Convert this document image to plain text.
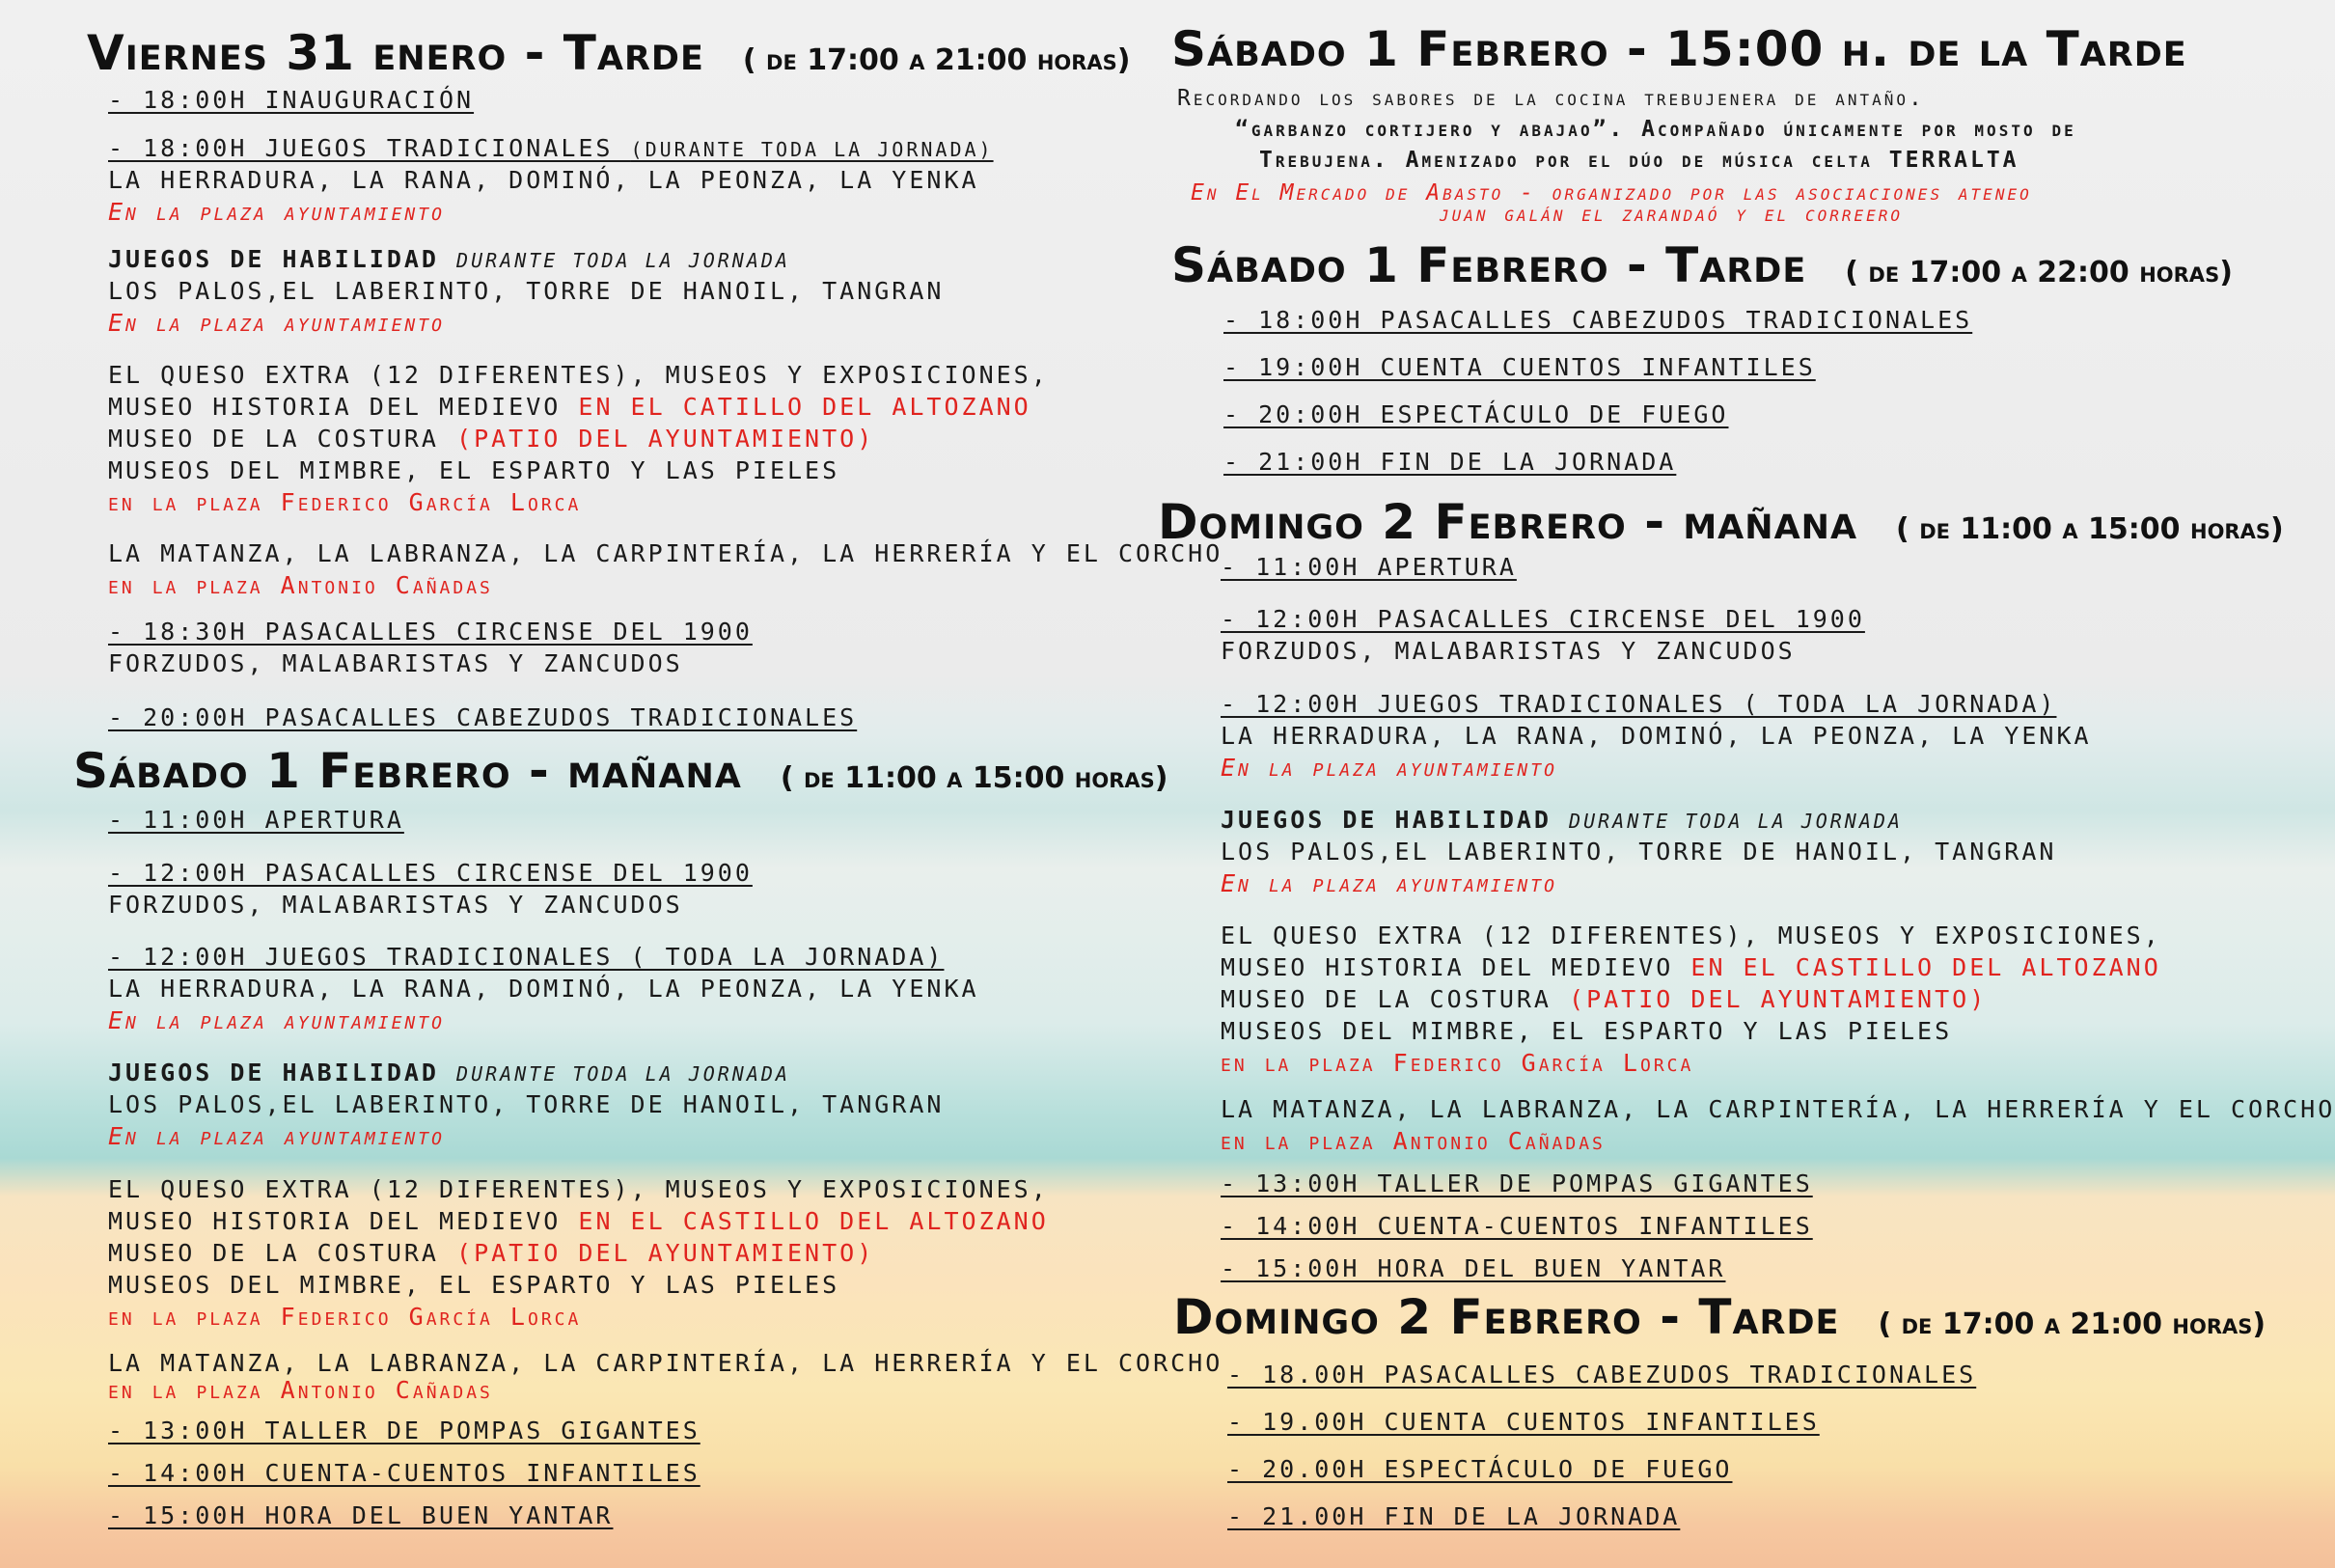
Viernes 31 enero - Tarde ( de 17:00 a 21:00 horas)
- 18:00H INAUGURACIÓN
- 18:00H JUEGOS TRADICIONALES (DURANTE TODA LA JORNADA)
LA HERRADURA, LA RANA, DOMINÓ, LA PEONZA, LA YENKA
En la plaza ayuntamiento
JUEGOS DE HABILIDAD DURANTE TODA LA JORNADA
LOS PALOS,EL LABERINTO, TORRE DE HANOIL, TANGRAN
En la plaza ayuntamiento
EL QUESO EXTRA (12 DIFERENTES), MUSEOS Y EXPOSICIONES,
MUSEO HISTORIA DEL MEDIEVO EN EL CATILLO DEL ALTOZANO
MUSEO DE LA COSTURA (PATIO DEL AYUNTAMIENTO)
MUSEOS DEL MIMBRE, EL ESPARTO Y LAS PIELES
en la plaza Federico García Lorca
LA MATANZA, LA LABRANZA, LA CARPINTERÍA, LA HERRERÍA Y EL CORCHO
en la plaza Antonio Cañadas
- 18:30H PASACALLES CIRCENSE DEL 1900
FORZUDOS, MALABARISTAS Y ZANCUDOS
- 20:00H PASACALLES CABEZUDOS TRADICIONALES
Sábado 1 Febrero - mañana ( de 11:00 a 15:00 horas)
- 11:00H APERTURA
- 12:00H PASACALLES CIRCENSE DEL 1900
FORZUDOS, MALABARISTAS Y ZANCUDOS
- 12:00H JUEGOS TRADICIONALES ( TODA LA JORNADA)
LA HERRADURA, LA RANA, DOMINÓ, LA PEONZA, LA YENKA
En la plaza ayuntamiento
JUEGOS DE HABILIDAD DURANTE TODA LA JORNADA
LOS PALOS,EL LABERINTO, TORRE DE HANOIL, TANGRAN
En la plaza ayuntamiento
EL QUESO EXTRA (12 DIFERENTES), MUSEOS Y EXPOSICIONES,
MUSEO HISTORIA DEL MEDIEVO EN EL CASTILLO DEL ALTOZANO
MUSEO DE LA COSTURA (PATIO DEL AYUNTAMIENTO)
MUSEOS DEL MIMBRE, EL ESPARTO Y LAS PIELES
en la plaza Federico García Lorca
LA MATANZA, LA LABRANZA, LA CARPINTERÍA, LA HERRERÍA Y EL CORCHO
en la plaza Antonio Cañadas
- 13:00H TALLER DE POMPAS GIGANTES
- 14:00H CUENTA-CUENTOS INFANTILES
- 15:00H HORA DEL BUEN YANTAR
Sábado 1 Febrero - 15:00 h. de la Tarde
Recordando los sabores de la cocina trebujenera de antaño.
“garbanzo cortijero y abajao”. Acompañado únicamente por mosto de
Trebujena. Amenizado por el dúo de música celta TERRALTA
En El Mercado de Abasto - organizado por las asociaciones ateneo
juan galán el zarandaó y el correero
Sábado 1 Febrero - Tarde ( de 17:00 a 22:00 horas)
- 18:00H PASACALLES CABEZUDOS TRADICIONALES
- 19:00H CUENTA CUENTOS INFANTILES
- 20:00H ESPECTÁCULO DE FUEGO
- 21:00H FIN DE LA JORNADA
Domingo 2 Febrero - mañana ( de 11:00 a 15:00 horas)
- 11:00H APERTURA
- 12:00H PASACALLES CIRCENSE DEL 1900
FORZUDOS, MALABARISTAS Y ZANCUDOS
- 12:00H JUEGOS TRADICIONALES ( TODA LA JORNADA)
LA HERRADURA, LA RANA, DOMINÓ, LA PEONZA, LA YENKA
En la plaza ayuntamiento
JUEGOS DE HABILIDAD DURANTE TODA LA JORNADA
LOS PALOS,EL LABERINTO, TORRE DE HANOIL, TANGRAN
En la plaza ayuntamiento
EL QUESO EXTRA (12 DIFERENTES), MUSEOS Y EXPOSICIONES,
MUSEO HISTORIA DEL MEDIEVO EN EL CASTILLO DEL ALTOZANO
MUSEO DE LA COSTURA (PATIO DEL AYUNTAMIENTO)
MUSEOS DEL MIMBRE, EL ESPARTO Y LAS PIELES
en la plaza Federico García Lorca
LA MATANZA, LA LABRANZA, LA CARPINTERÍA, LA HERRERÍA Y EL CORCHO
en la plaza Antonio Cañadas
- 13:00H TALLER DE POMPAS GIGANTES
- 14:00H CUENTA-CUENTOS INFANTILES
- 15:00H HORA DEL BUEN YANTAR
Domingo 2 Febrero - Tarde ( de 17:00 a 21:00 horas)
- 18.00H PASACALLES CABEZUDOS TRADICIONALES
- 19.00H CUENTA CUENTOS INFANTILES
- 20.00H ESPECTÁCULO DE FUEGO
- 21.00H FIN DE LA JORNADA
